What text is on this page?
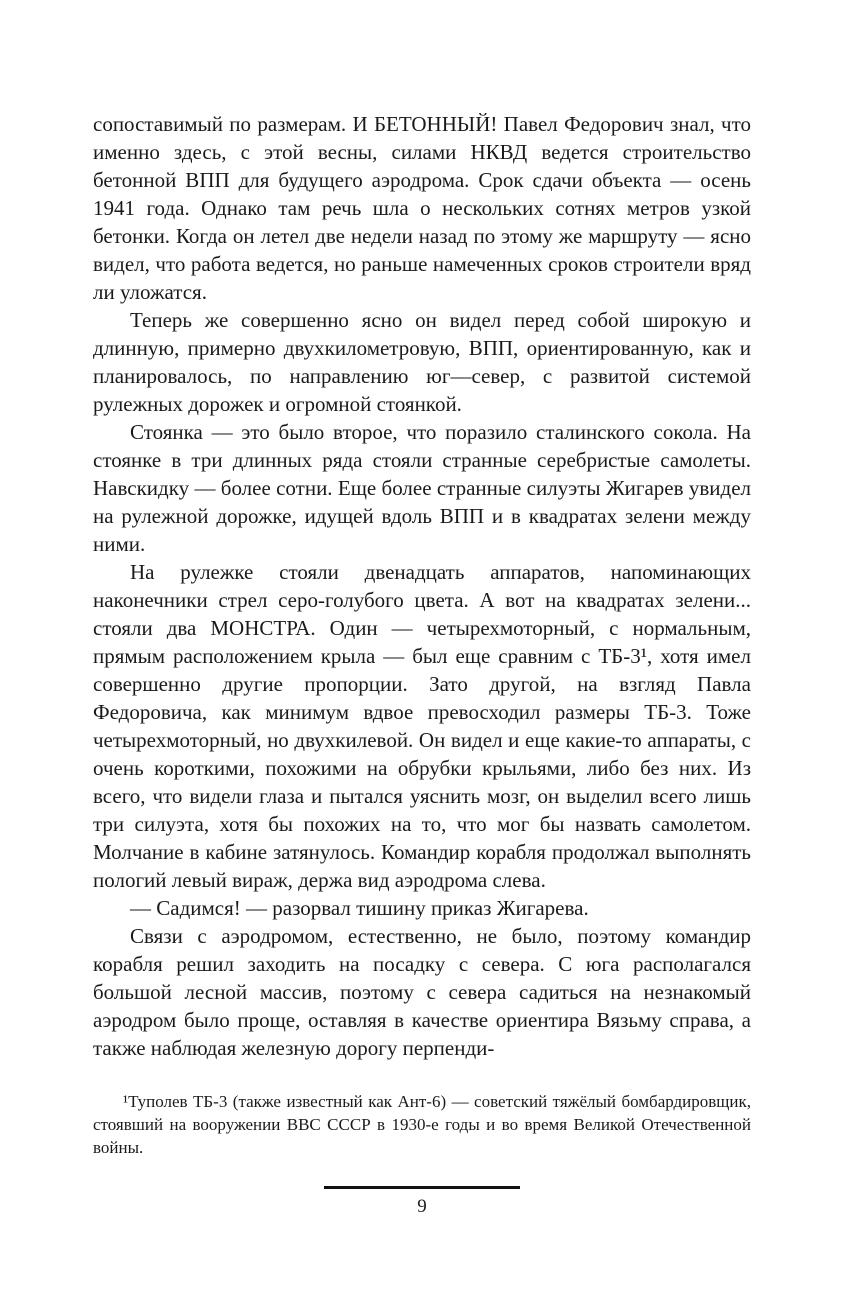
сопоставимый по размерам. И БЕТОННЫЙ! Павел Федорович знал, что именно здесь, с этой весны, силами НКВД ведется строительство бетонной ВПП для будущего аэродрома. Срок сдачи объекта — осень 1941 года. Однако там речь шла о нескольких сотнях метров узкой бетонки. Когда он летел две недели назад по этому же маршруту — ясно видел, что работа ведется, но раньше намеченных сроков строители вряд ли уложатся.

Теперь же совершенно ясно он видел перед собой широкую и длинную, примерно двухкилометровую, ВПП, ориентированную, как и планировалось, по направлению юг—север, с развитой системой рулежных дорожек и огромной стоянкой.

Стоянка — это было второе, что поразило сталинского сокола. На стоянке в три длинных ряда стояли странные серебристые самолеты. Навскидку — более сотни. Еще более странные силуэты Жигарев увидел на рулежной дорожке, идущей вдоль ВПП и в квадратах зелени между ними.

На рулежке стояли двенадцать аппаратов, напоминающих наконечники стрел серо-голубого цвета. А вот на квадратах зелени... стояли два МОНСТРА. Один — четырехмоторный, с нормальным, прямым расположением крыла — был еще сравним с ТБ-3¹, хотя имел совершенно другие пропорции. Зато другой, на взгляд Павла Федоровича, как минимум вдвое превосходил размеры ТБ-3. Тоже четырехмоторный, но двухкилевой. Он видел и еще какие-то аппараты, с очень короткими, похожими на обрубки крыльями, либо без них. Из всего, что видели глаза и пытался уяснить мозг, он выделил всего лишь три силуэта, хотя бы похожих на то, что мог бы назвать самолетом. Молчание в кабине затянулось. Командир корабля продолжал выполнять пологий левый вираж, держа вид аэродрома слева.

— Садимся! — разорвал тишину приказ Жигарева.

Связи с аэродромом, естественно, не было, поэтому командир корабля решил заходить на посадку с севера. С юга располагался большой лесной массив, поэтому с севера садиться на незнакомый аэродром было проще, оставляя в качестве ориентира Вязьму справа, а также наблюдая железную дорогу перпенди-

¹Туполев ТБ-3 (также известный как Ант-6) — советский тяжёлый бомбардировщик, стоявший на вооружении ВВС СССР в 1930-е годы и во время Великой Отечественной войны.

9
